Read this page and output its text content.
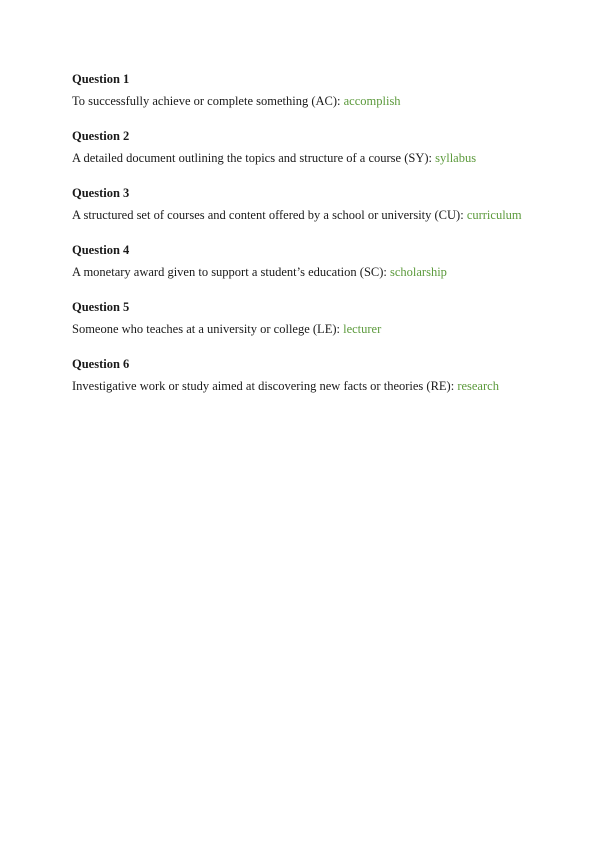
Question 1

To successfully achieve or complete something (AC): accomplish

Question 2

A detailed document outlining the topics and structure of a course (SY): syllabus

Question 3

A structured set of courses and content offered by a school or university (CU): curriculum

Question 4

A monetary award given to support a student’s education (SC): scholarship

Question 5

Someone who teaches at a university or college (LE): lecturer

Question 6

Investigative work or study aimed at discovering new facts or theories (RE): research
